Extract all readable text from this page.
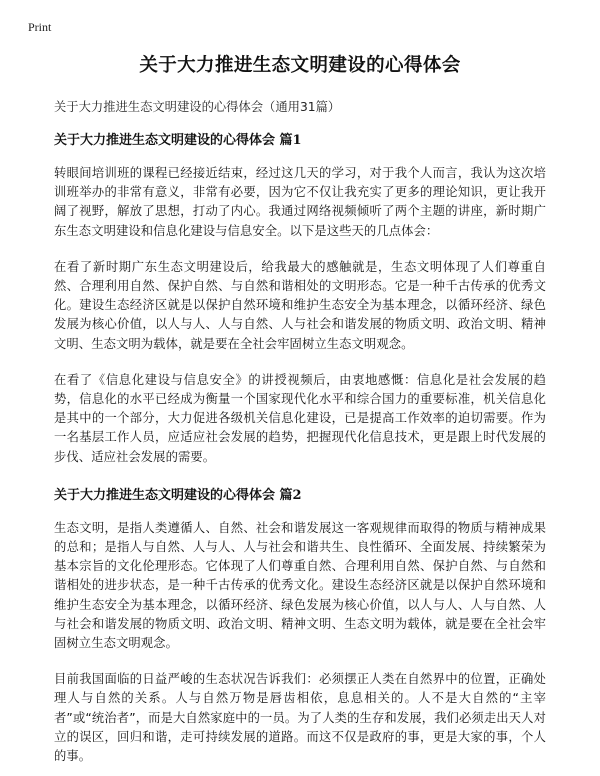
Print
关于大力推进生态文明建设的心得体会
关于大力推进生态文明建设的心得体会（通用31篇）
关于大力推进生态文明建设的心得体会 篇1

转眼间培训班的课程已经接近结束，经过这几天的学习，对于我个人而言，我认为这次培训班举办的非常有意义，非常有必要，因为它不仅让我充实了更多的理论知识，更让我开阔了视野，解放了思想，打动了内心。我通过网络视频倾听了两个主题的讲座，新时期广东生态文明建设和信息化建设与信息安全。以下是这些天的几点体会：

在看了新时期广东生态文明建设后，给我最大的感触就是，生态文明体现了人们尊重自然、合理利用自然、保护自然、与自然和谐相处的文明形态。它是一种千古传承的优秀文化。建设生态经济区就是以保护自然环境和维护生态安全为基本理念，以循环经济、绿色发展为核心价值，以人与人、人与自然、人与社会和谐发展的物质文明、政治文明、精神文明、生态文明为载体，就是要在全社会牢固树立生态文明观念。

在看了《信息化建设与信息安全》的讲授视频后，由衷地感慨：信息化是社会发展的趋势，信息化的水平已经成为衡量一个国家现代化水平和综合国力的重要标准，机关信息化是其中的一个部分，大力促进各级机关信息化建设，已是提高工作效率的迫切需要。作为一名基层工作人员，应适应社会发展的趋势，把握现代化信息技术，更是跟上时代发展的步伐、适应社会发展的需要。

关于大力推进生态文明建设的心得体会 篇2

生态文明，是指人类遵循人、自然、社会和谐发展这一客观规律而取得的物质与精神成果的总和；是指人与自然、人与人、人与社会和谐共生、良性循环、全面发展、持续繁荣为基本宗旨的文化伦理形态。它体现了人们尊重自然、合理利用自然、保护自然、与自然和谐相处的进步状态，是一种千古传承的优秀文化。建设生态经济区就是以保护自然环境和维护生态安全为基本理念，以循环经济、绿色发展为核心价值，以人与人、人与自然、人与社会和谐发展的物质文明、政治文明、精神文明、生态文明为载体，就是要在全社会牢固树立生态文明观念。

目前我国面临的日益严峻的生态状况告诉我们：必须摆正人类在自然界中的位置，正确处理人与自然的关系。人与自然万物是唇齿相依，息息相关的。人不是大自然的“主宰者”或“统治者”，而是大自然家庭中的一员。为了人类的生存和发展，我们必须走出天人对立的误区，回归和谐，走可持续发展的道路。而这不仅是政府的事，更是大家的事，个人的事。
